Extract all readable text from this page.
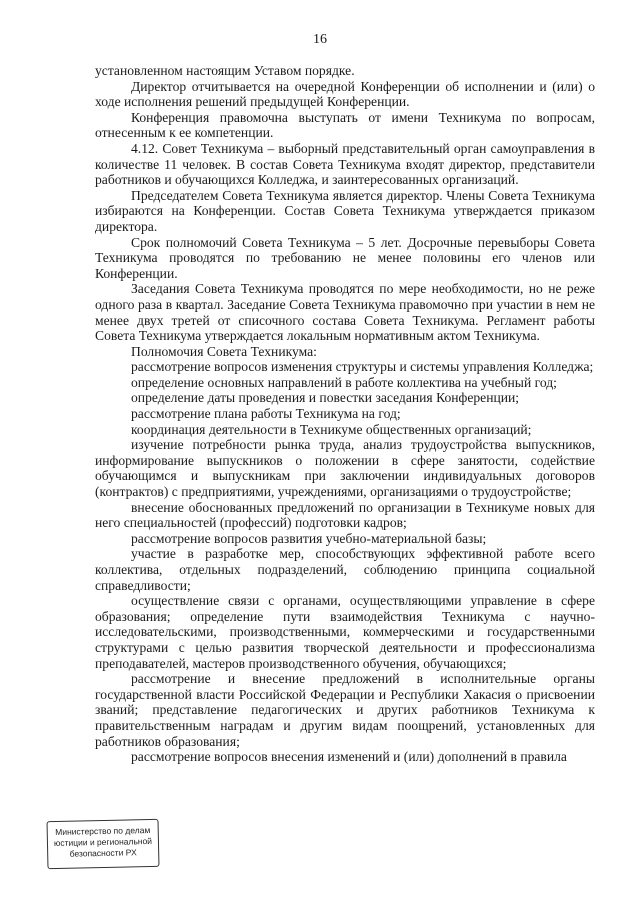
16

установленном настоящим Уставом порядке.

Директор отчитывается на очередной Конференции об исполнении и (или) о ходе исполнения решений предыдущей Конференции.

Конференция правомочна выступать от имени Техникума по вопросам, отнесенным к ее компетенции.

4.12. Совет Техникума – выборный представительный орган самоуправления в количестве 11 человек. В состав Совета Техникума входят директор, представители работников и обучающихся Колледжа, и заинтересованных организаций.

Председателем Совета Техникума является директор. Члены Совета Техникума избираются на Конференции. Состав Совета Техникума утверждается приказом директора.

Срок полномочий Совета Техникума – 5 лет. Досрочные перевыборы Совета Техникума проводятся по требованию не менее половины его членов или Конференции.

Заседания Совета Техникума проводятся по мере необходимости, но не реже одного раза в квартал. Заседание Совета Техникума правомочно при участии в нем не менее двух третей от списочного состава Совета Техникума. Регламент работы Совета Техникума утверждается локальным нормативным актом Техникума.

Полномочия Совета Техникума:

рассмотрение вопросов изменения структуры и системы управления Колледжа;

определение основных направлений в работе коллектива на учебный год;

определение даты проведения и повестки заседания Конференции;

рассмотрение плана работы Техникума на год;

координация деятельности в Техникуме общественных организаций;

изучение потребности рынка труда, анализ трудоустройства выпускников, информирование выпускников о положении в сфере занятости, содействие обучающимся и выпускникам при заключении индивидуальных договоров (контрактов) с предприятиями, учреждениями, организациями о трудоустройстве;

внесение обоснованных предложений по организации в Техникуме новых для него специальностей (профессий) подготовки кадров;

рассмотрение вопросов развития учебно-материальной базы;

участие в разработке мер, способствующих эффективной работе всего коллектива, отдельных подразделений, соблюдению принципа социальной справедливости;

осуществление связи с органами, осуществляющими управление в сфере образования; определение пути взаимодействия Техникума с научно-исследовательскими, производственными, коммерческими и государственными структурами с целью развития творческой деятельности и профессионализма преподавателей, мастеров производственного обучения, обучающихся;

рассмотрение и внесение предложений в исполнительные органы государственной власти Российской Федерации и Республики Хакасия о присвоении званий; представление педагогических и других работников Техникума к правительственным наградам и другим видам поощрений, установленных для работников образования;

рассмотрение вопросов внесения изменений и (или) дополнений в правила

Министерство по делам
юстиции и региональной
безопасности РХ
